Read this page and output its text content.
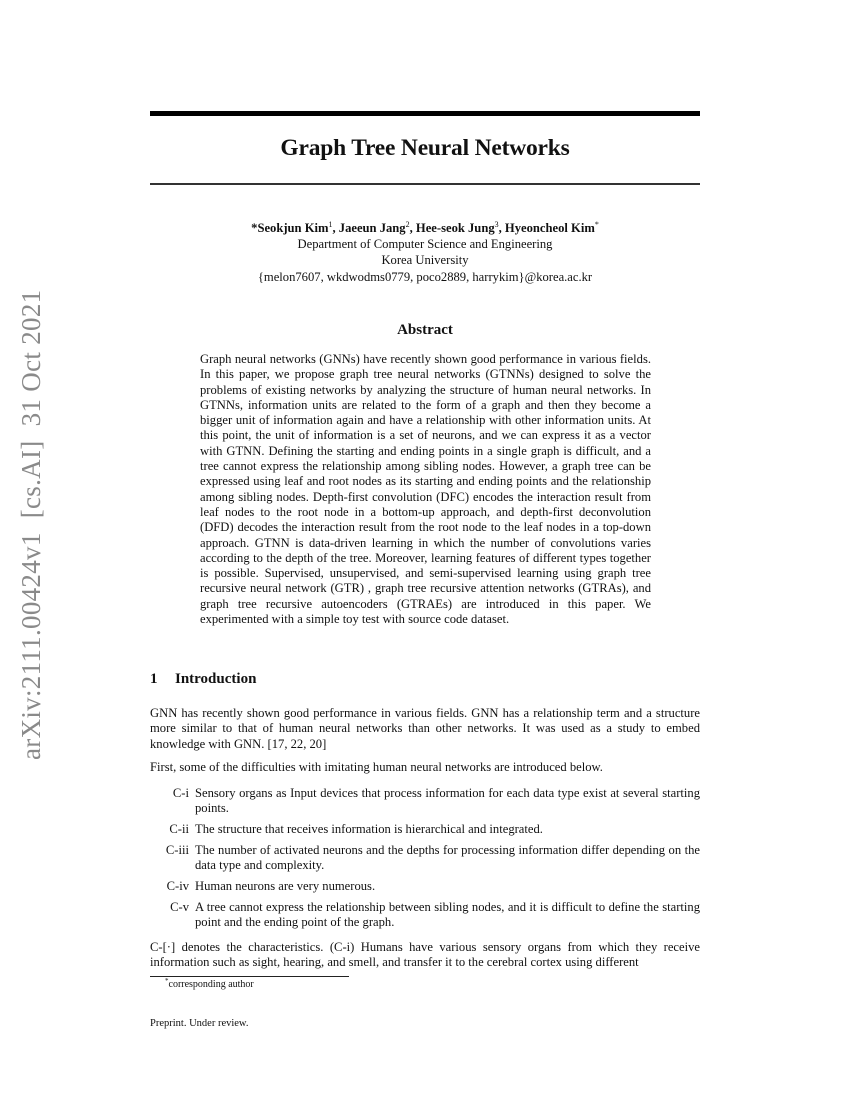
arXiv:2111.00424v1  [cs.AI]  31 Oct 2021
Graph Tree Neural Networks
*Seokjun Kim$^1$, Jaeeun Jang$^2$, Hee-seok Jung$^3$, Hyeoncheol Kim*
Department of Computer Science and Engineering
Korea University
{melon7607, wkdwodms0779, poco2889, harrykim}@korea.ac.kr
Abstract
Graph neural networks (GNNs) have recently shown good performance in various fields. In this paper, we propose graph tree neural networks (GTNNs) designed to solve the problems of existing networks by analyzing the structure of human neural networks. In GTNNs, information units are related to the form of a graph and then they become a bigger unit of information again and have a relationship with other information units. At this point, the unit of information is a set of neurons, and we can express it as a vector with GTNN. Defining the starting and ending points in a single graph is difficult, and a tree cannot express the relationship among sibling nodes. However, a graph tree can be expressed using leaf and root nodes as its starting and ending points and the relationship among sibling nodes. Depth-first convolution (DFC) encodes the interaction result from leaf nodes to the root node in a bottom-up approach, and depth-first deconvolution (DFD) decodes the interaction result from the root node to the leaf nodes in a top-down approach. GTNN is data-driven learning in which the number of convolutions varies according to the depth of the tree. Moreover, learning features of different types together is possible. Supervised, unsupervised, and semi-supervised learning using graph tree recursive neural network (GTR) , graph tree recursive attention networks (GTRAs), and graph tree recursive autoencoders (GTRAEs) are introduced in this paper. We experimented with a simple toy test with source code dataset.
1 Introduction
GNN has recently shown good performance in various fields. GNN has a relationship term and a structure more similar to that of human neural networks than other networks. It was used as a study to embed knowledge with GNN. [17, 22, 20]
First, some of the difficulties with imitating human neural networks are introduced below.
C-i Sensory organs as Input devices that process information for each data type exist at several starting points.
C-ii The structure that receives information is hierarchical and integrated.
C-iii The number of activated neurons and the depths for processing information differ depending on the data type and complexity.
C-iv Human neurons are very numerous.
C-v A tree cannot express the relationship between sibling nodes, and it is difficult to define the starting point and the ending point of the graph.
C-[·] denotes the characteristics. (C-i) Humans have various sensory organs from which they receive information such as sight, hearing, and smell, and transfer it to the cerebral cortex using different
*corresponding author
Preprint. Under review.
